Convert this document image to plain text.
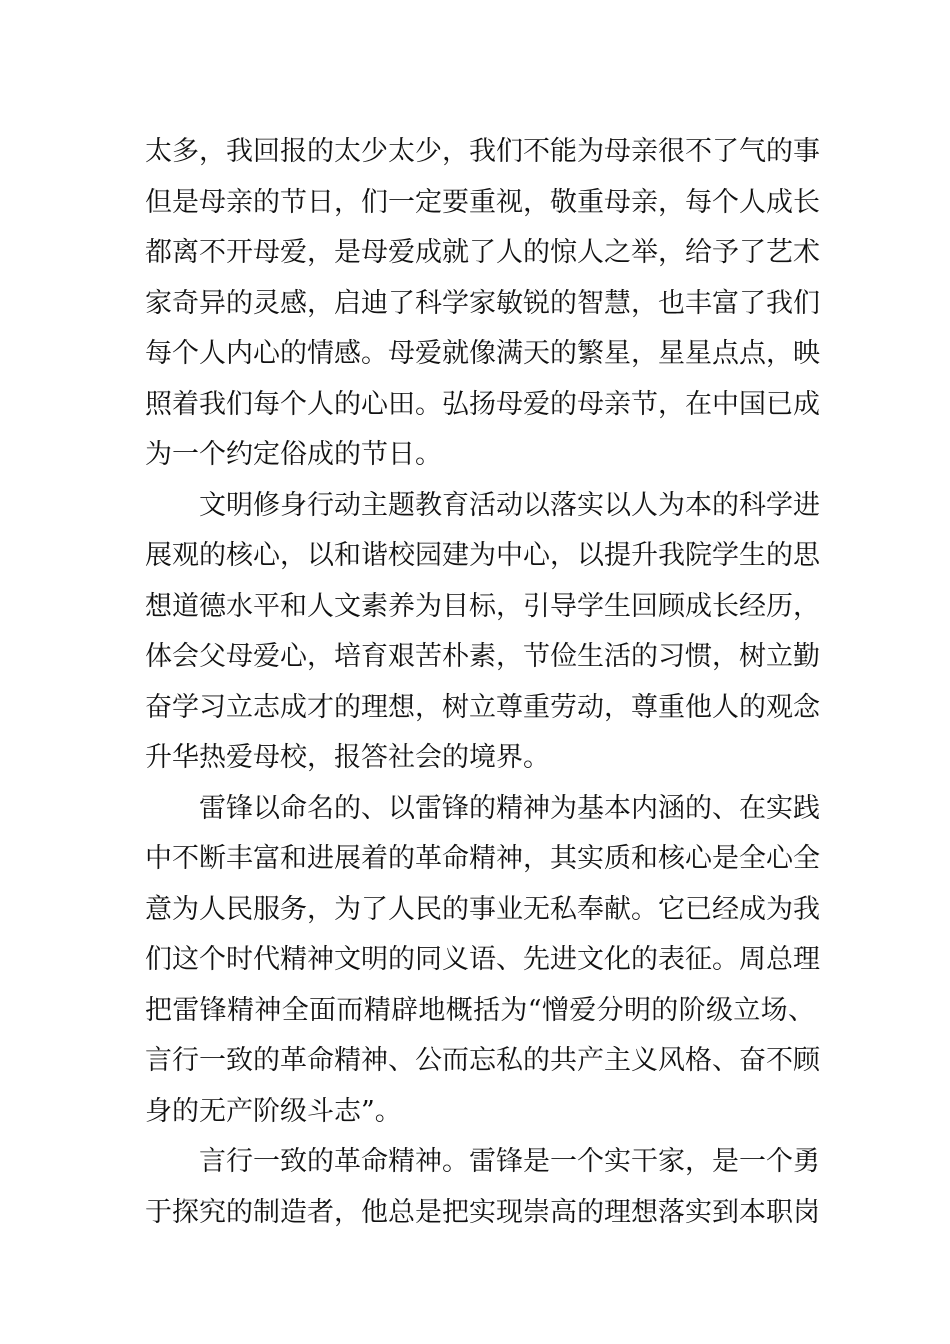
太多，我回报的太少太少，我们不能为母亲很不了气的事
但是母亲的节日，们一定要重视，敬重母亲，每个人成长
都离不开母爱，是母爱成就了人的惊人之举，给予了艺术
家奇异的灵感，启迪了科学家敏锐的智慧，也丰富了我们
每个人内心的情感。母爱就像满天的繁星，星星点点，映
照着我们每个人的心田。弘扬母爱的母亲节，在中国已成
为一个约定俗成的节日。
文明修身行动主题教育活动以落实以人为本的科学进
展观的核心，以和谐校园建为中心，以提升我院学生的思
想道德水平和人文素养为目标，引导学生回顾成长经历，
体会父母爱心，培育艰苦朴素，节俭生活的习惯，树立勤
奋学习立志成才的理想，树立尊重劳动，尊重他人的观念
升华热爱母校，报答社会的境界。
雷锋以命名的、以雷锋的精神为基本内涵的、在实践
中不断丰富和进展着的革命精神，其实质和核心是全心全
意为人民服务，为了人民的事业无私奉献。它已经成为我
们这个时代精神文明的同义语、先进文化的表征。周总理
把雷锋精神全面而精辟地概括为“憎爱分明的阶级立场、
言行一致的革命精神、公而忘私的共产主义风格、奋不顾
身的无产阶级斗志”。
言行一致的革命精神。雷锋是一个实干家，是一个勇
于探究的制造者，他总是把实现崇高的理想落实到本职岗
